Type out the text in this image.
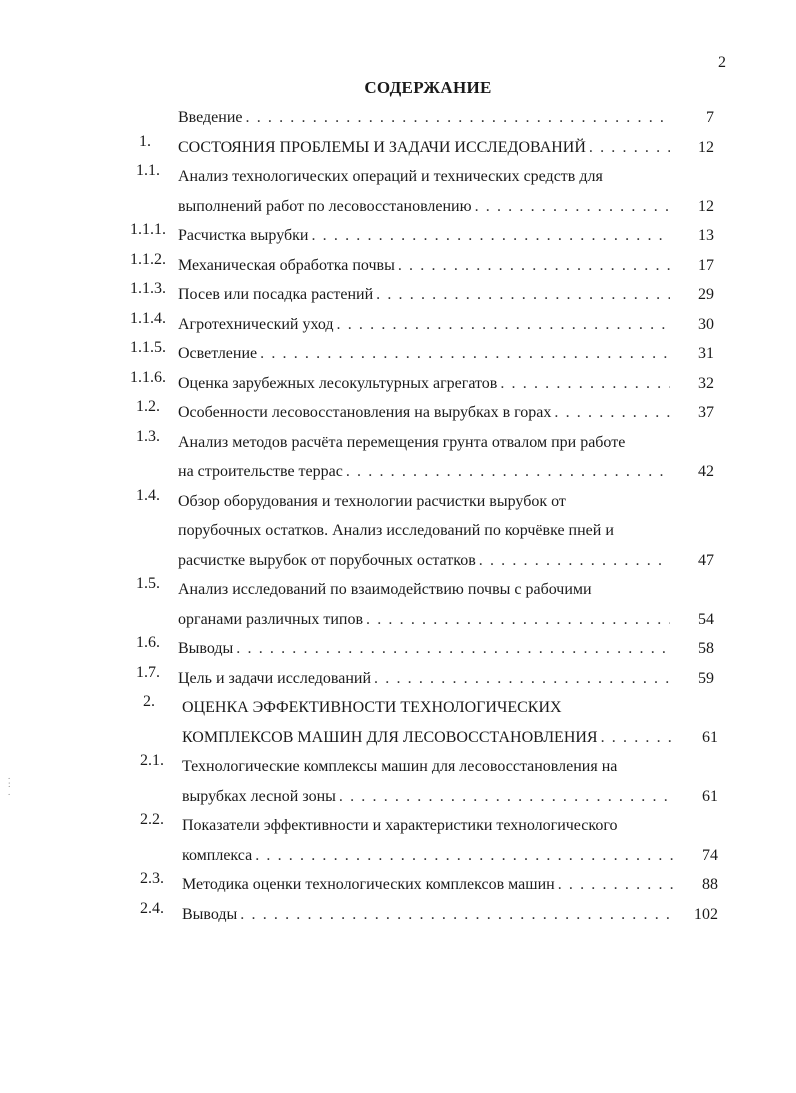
2
СОДЕРЖАНИЕ
Введение . . .	7
1. СОСТОЯНИЯ ПРОБЛЕМЫ И ЗАДАЧИ ИССЛЕДОВАНИЙ . . .	12
1.1. Анализ технологических операций и технических средств для
выполнений работ по лесовосстановлению . . .	12
1.1.1. Расчистка вырубки . . .	13
1.1.2. Механическая обработка почвы . . .	17
1.1.3. Посев или посадка растений . . .	29
1.1.4. Агротехнический уход . . .	30
1.1.5. Осветление . . .	31
1.1.6. Оценка зарубежных лесокультурных агрегатов . . .	32
1.2. Особенности лесовосстановления на вырубках в горах . . .	37
1.3. Анализ методов расчёта перемещения грунта отвалом при работе
на строительстве террас . . .	42
1.4. Обзор оборудования и технологии расчистки вырубок от
порубочных остатков. Анализ исследований по корчёвке пней и
расчистке вырубок от порубочных остатков . . .	47
1.5. Анализ исследований по взаимодействию почвы с рабочими
органами различных типов . . .	54
1.6. Выводы . . .	58
1.7. Цель и задачи исследований . . .	59
2. ОЦЕНКА ЭФФЕКТИВНОСТИ ТЕХНОЛОГИЧЕСКИХ
КОМПЛЕКСОВ МАШИН ДЛЯ ЛЕСОВОССТАНОВЛЕНИЯ . . .	61
2.1. Технологические комплексы машин для лесовосстановления на
вырубках лесной зоны . . .	61
2.2. Показатели эффективности и характеристики технологического
комплекса . . .	74
2.3. Методика оценки технологических комплексов машин . . .	88
2.4. Выводы . . .	102
.
:
.
